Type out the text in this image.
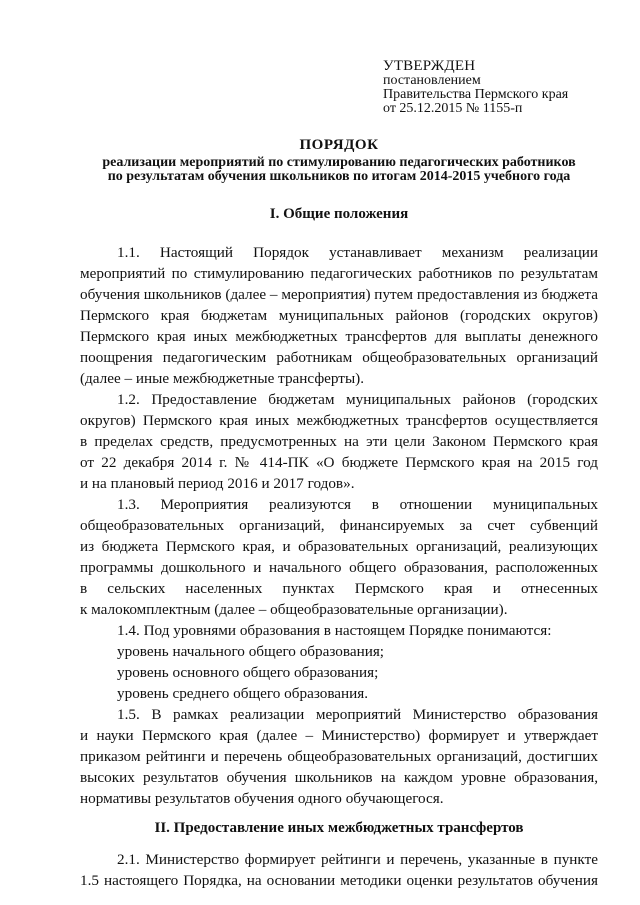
УТВЕРЖДЕН
постановлением
Правительства Пермского края
от 25.12.2015 № 1155-п
ПОРЯДОК
реализации мероприятий по стимулированию педагогических работников
по результатам обучения школьников по итогам 2014-2015 учебного года
I. Общие положения
1.1. Настоящий Порядок устанавливает механизм реализации
мероприятий по стимулированию педагогических работников по результатам
обучения школьников (далее – мероприятия) путем предоставления из бюджета
Пермского края бюджетам муниципальных районов (городских округов)
Пермского края иных межбюджетных трансфертов для выплаты денежного
поощрения педагогическим работникам общеобразовательных организаций
(далее – иные межбюджетные трансферты).
1.2. Предоставление бюджетам муниципальных районов (городских
округов) Пермского края иных межбюджетных трансфертов осуществляется
в пределах средств, предусмотренных на эти цели Законом Пермского края
от 22 декабря 2014 г. № 414-ПК «О бюджете Пермского края на 2015 год
и на плановый период 2016 и 2017 годов».
1.3. Мероприятия реализуются в отношении муниципальных
общеобразовательных организаций, финансируемых за счет субвенций
из бюджета Пермского края, и образовательных организаций, реализующих
программы дошкольного и начального общего образования, расположенных
в сельских населенных пунктах Пермского края и отнесенных
к малокомплектным (далее – общеобразовательные организации).
1.4. Под уровнями образования в настоящем Порядке понимаются:
уровень начального общего образования;
уровень основного общего образования;
уровень среднего общего образования.
1.5. В рамках реализации мероприятий Министерство образования
и науки Пермского края (далее – Министерство) формирует и утверждает
приказом рейтинги и перечень общеобразовательных организаций, достигших
высоких результатов обучения школьников на каждом уровне образования,
нормативы результатов обучения одного обучающегося.
II. Предоставление иных межбюджетных трансфертов
2.1. Министерство формирует рейтинги и перечень, указанные в пункте
1.5 настоящего Порядка, на основании методики оценки результатов обучения
